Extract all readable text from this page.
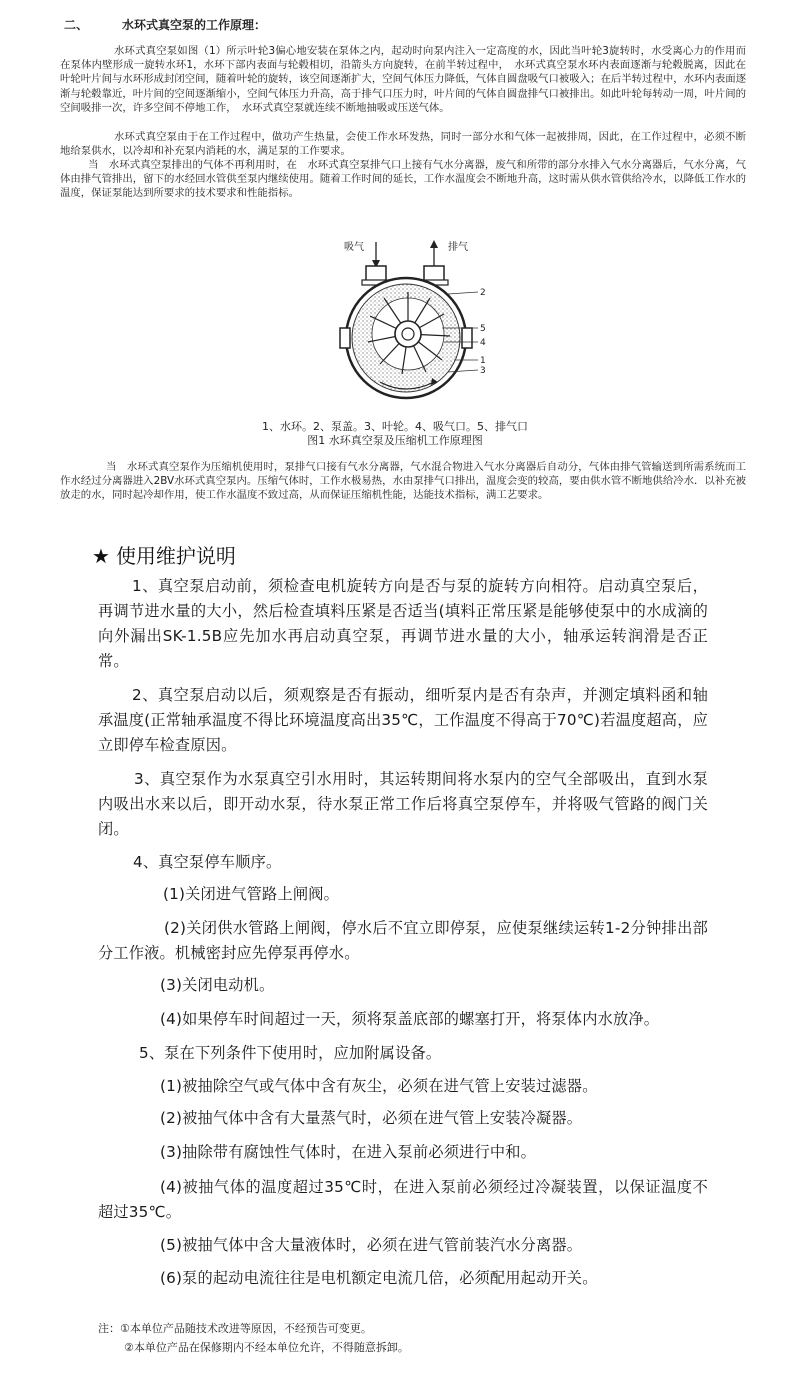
二、	水环式真空泵的工作原理：
水环式真空泵如图（1）所示叶轮3偏心地安装在泵体之内，起动时向泵内注入一定高度的水，因此当叶轮3旋转时，水受离心力的作用而在泵体内壁形成一旋转水环1，水环下部内表面与轮毂相切，沿箭头方向旋转，在前半转过程中，　水环式真空泵水环内表面逐渐与轮毂脱离，因此在叶轮叶片间与水环形成封闭空间，随着叶轮的旋转，该空间逐渐扩大，空间气体压力降低，气体自圆盘吸气口被吸入；在后半转过程中，水环内表面逐渐与轮毂靠近，叶片间的空间逐渐缩小，空间气体压力升高，高于排气口压力时，叶片间的气体自圆盘排气口被排出。如此叶轮每转动一周，叶片间的空间吸排一次，许多空间不停地工作，　水环式真空泵就连续不断地抽吸或压送气体。
水环式真空泵由于在工作过程中，做功产生热量，会使工作水环发热，同时一部分水和气体一起被排周，因此，在工作过程中，必须不断地给泵供水，以冷却和补充泵内消耗的水，满足泵的工作要求。
当　水环式真空泵排出的气体不再利用时，在　水环式真空泵排气口上接有气水分离器，废气和所带的部分水排入气水分离器后，气水分离，气体由排气管排出，留下的水经回水管供至泵内继续使用。随着工作时间的延长，工作水温度会不断地升高，这时需从供水管供给冷水，以降低工作水的温度，保证泵能达到所要求的技术要求和性能指标。
吸气	排气
2
5
4
1
3
1、水环。2、泵盖。3、叶轮。4、吸气口。5、排气口
图1 水环真空泵及压缩机工作原理图
当　水环式真空泵作为压缩机使用时，泵排气口接有气水分离器，气水混合物进入气水分离器后自动分，气体由排气管输送到所需系统而工作水经过分离器进入2BV水环式真空泵内。压缩气体时，工作水极易热，水由泵排气口排出，温度会变的较高，要由供水管不断地供给冷水．以补充被放走的水，同时起冷却作用，使工作水温度不致过高，从而保证压缩机性能，达能技术指标，满工艺要求。
★ 使用维护说明
1、真空泵启动前，须检查电机旋转方向是否与泵的旋转方向相符。启动真空泵后，再调节进水量的大小，然后检查填料压紧是否适当(填料正常压紧是能够使泵中的水成滴的向外漏出SK-1.5B应先加水再启动真空泵，再调节进水量的大小，轴承运转润滑是否正常。
2、真空泵启动以后，须观察是否有振动，细听泵内是否有杂声，并测定填料函和轴承温度(正常轴承温度不得比环境温度高出35℃，工作温度不得高于70℃)若温度超高，应立即停车检查原因。
3、真空泵作为水泵真空引水用时，其运转期间将水泵内的空气全部吸出，直到水泵内吸出水来以后，即开动水泵，待水泵正常工作后将真空泵停车，并将吸气管路的阀门关闭。
4、真空泵停车顺序。
(1)关闭进气管路上闸阀。
(2)关闭供水管路上闸阀，停水后不宜立即停泵，应使泵继续运转1-2分钟排出部分工作液。机械密封应先停泵再停水。
(3)关闭电动机。
(4)如果停车时间超过一天，须将泵盖底部的螺塞打开，将泵体内水放净。
5、泵在下列条件下使用时，应加附属设备。
(1)被抽除空气或气体中含有灰尘，必须在进气管上安装过滤器。
(2)被抽气体中含有大量蒸气时，必须在进气管上安装冷凝器。
(3)抽除带有腐蚀性气体时，在进入泵前必须进行中和。
(4)被抽气体的温度超过35℃时，在进入泵前必须经过冷凝装置，以保证温度不超过35℃。
(5)被抽气体中含大量液体时，必须在进气管前装汽水分离器。
(6)泵的起动电流往往是电机额定电流几倍，必须配用起动开关。
注：①本单位产品随技术改进等原因，不经预告可变更。
②本单位产品在保修期内不经本单位允许，不得随意拆卸。
